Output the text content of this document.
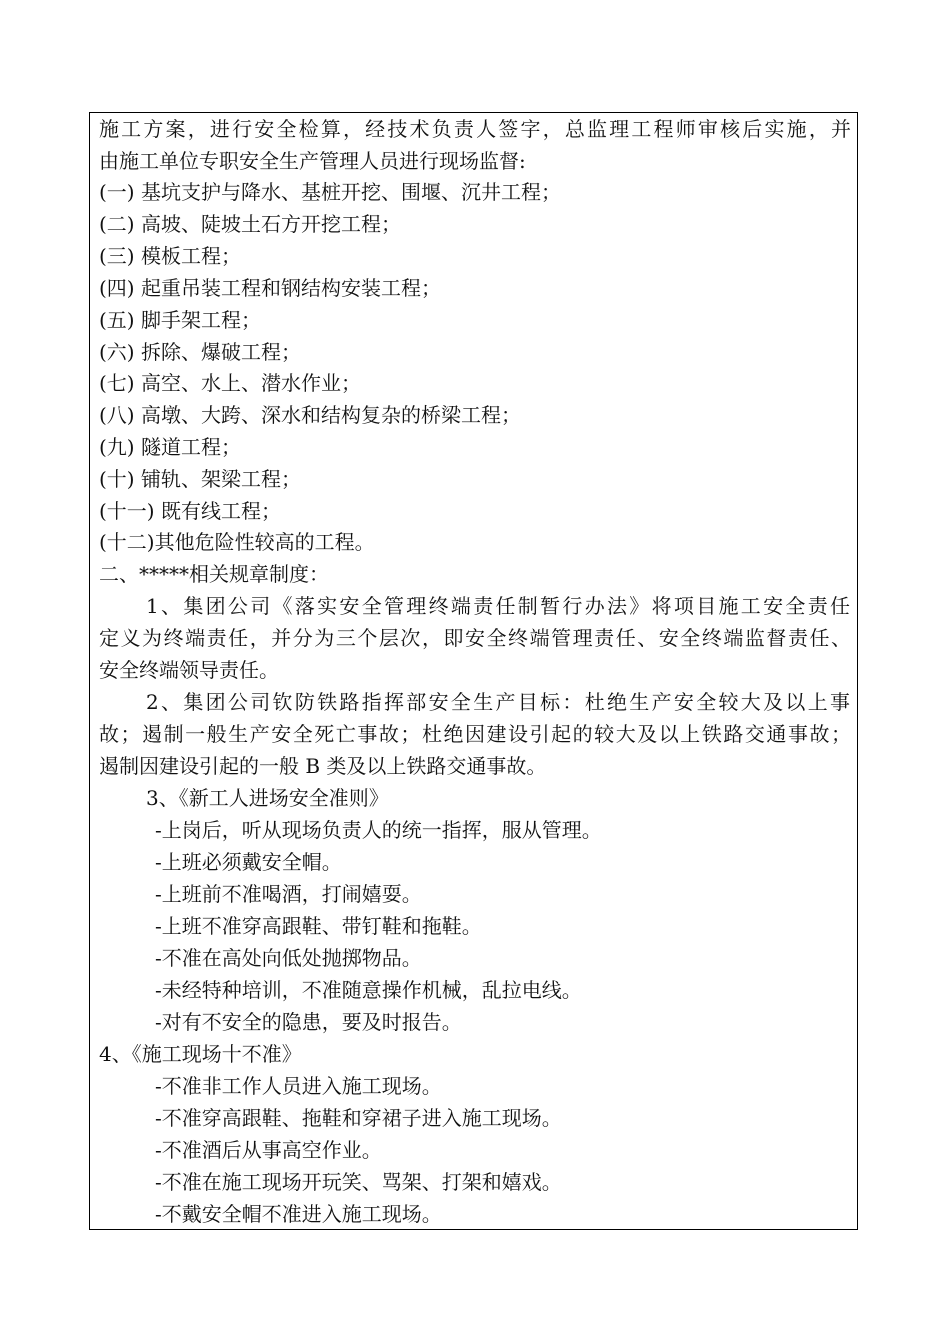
施工方案，进行安全检算，经技术负责人签字，总监理工程师审核后实施，并
由施工单位专职安全生产管理人员进行现场监督:
(一) 基坑支护与降水、基桩开挖、围堰、沉井工程；
(二) 高坡、陡坡土石方开挖工程；
(三) 模板工程；
(四) 起重吊装工程和钢结构安装工程；
(五) 脚手架工程；
(六) 拆除、爆破工程；
(七) 高空、水上、潜水作业；
(八) 高墩、大跨、深水和结构复杂的桥梁工程；
(九) 隧道工程；
(十) 铺轨、架梁工程；
(十一) 既有线工程；
(十二)其他危险性较高的工程。
二、*****相关规章制度：
1、集团公司《落实安全管理终端责任制暂行办法》将项目施工安全责任
定义为终端责任，并分为三个层次，即安全终端管理责任、安全终端监督责任、
安全终端领导责任。
2、集团公司钦防铁路指挥部安全生产目标：杜绝生产安全较大及以上事
故；遏制一般生产安全死亡事故；杜绝因建设引起的较大及以上铁路交通事故；
遏制因建设引起的一般 B 类及以上铁路交通事故。
3、《新工人进场安全准则》
-上岗后，听从现场负责人的统一指挥，服从管理。
-上班必须戴安全帽。
-上班前不准喝酒，打闹嬉耍。
-上班不准穿高跟鞋、带钉鞋和拖鞋。
-不准在高处向低处抛掷物品。
-未经特种培训，不准随意操作机械，乱拉电线。
-对有不安全的隐患，要及时报告。
4、《施工现场十不准》
-不准非工作人员进入施工现场。
-不准穿高跟鞋、拖鞋和穿裙子进入施工现场。
-不准酒后从事高空作业。
-不准在施工现场开玩笑、骂架、打架和嬉戏。
-不戴安全帽不准进入施工现场。
